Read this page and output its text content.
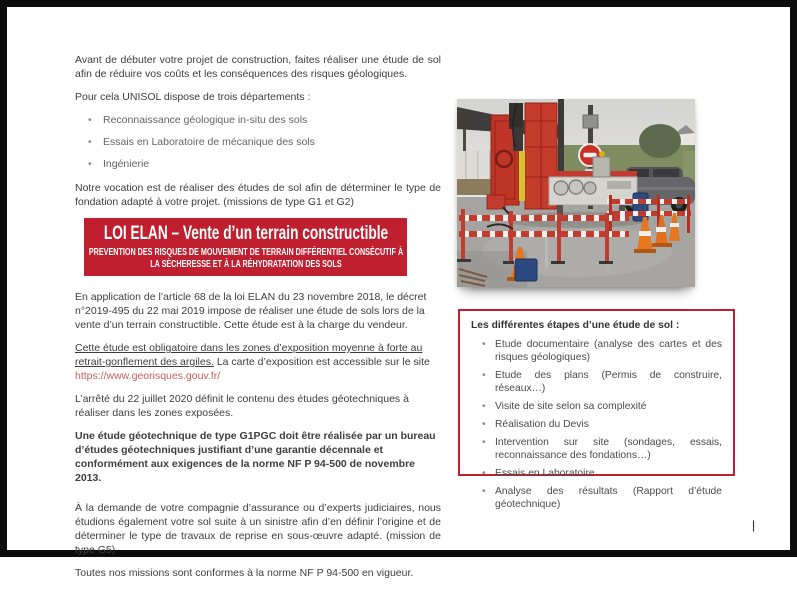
Avant de débuter votre projet de construction, faites réaliser une étude de sol afin de réduire vos coûts et les conséquences des risques géologiques.

Pour cela UNISOL dispose de trois départements :

• Reconnaissance géologique in-situ des sols
• Essais en Laboratoire de mécanique des sols
• Ingénierie

Notre vocation est de réaliser des études de sol afin de déterminer le type de fondation adapté à votre projet. (missions de type G1 et G2)

LOI ELAN – Vente d’un terrain constructible
PREVENTION DES RISQUES DE MOUVEMENT DE TERRAIN DIFFÉRENTIEL CONSÉCUTIF À LA SÈCHERESSE ET À LA RÉHYDRATATION DES SOLS

En application de l’article 68 de la loi ELAN du 23 novembre 2018, le décret n°2019-495 du 22 mai 2019 impose de réaliser une étude de sols lors de la vente d’un terrain constructible. Cette étude est à la charge du vendeur.

Cette étude est obligatoire dans les zones d’exposition moyenne à forte au retrait-gonflement des argiles. La carte d’exposition est accessible sur le site
https://www.georisques.gouv.fr/

L’arrêté du 22 juillet 2020 définit le contenu des études géotechniques à réaliser dans les zones exposées.

Une étude géotechnique de type G1PGC doit être réalisée par un bureau d’études géotechniques justifiant d’une garantie décennale et conformément aux exigences de la norme NF P 94-500 de novembre 2013.

À la demande de votre compagnie d’assurance ou d’experts judiciaires, nous étudions également votre sol suite à un sinistre afin d’en définir l’origine et de déterminer le type de travaux de reprise en sous-œuvre adapté. (mission de type G5)

Toutes nos missions sont conformes à la norme NF P 94-500 en vigueur.

Les différentes étapes d’une étude de sol :

• Etude documentaire (analyse des cartes et des risques géologiques)
• Etude des plans (Permis de construire, réseaux…)
• Visite de site selon sa complexité
• Réalisation du Devis
• Intervention sur site (sondages, essais, reconnaissance des fondations…)
• Essais en Laboratoire
• Analyse des résultats (Rapport d’étude géotechnique)
|
